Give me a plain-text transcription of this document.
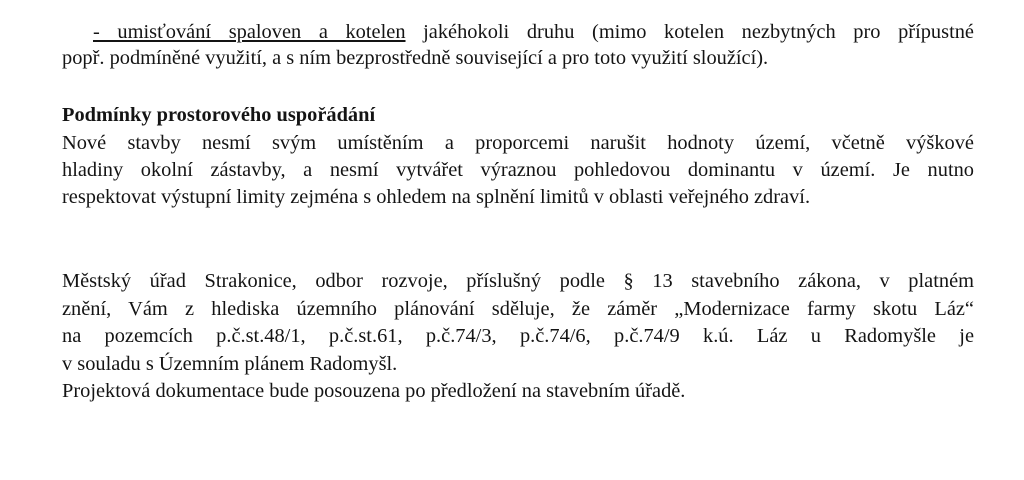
- umisťování spaloven a kotelen jakéhokoli druhu (mimo kotelen nezbytných pro přípustné

popř. podmíněné využití, a s ním bezprostředně související a pro toto využití sloužící).

Podmínky prostorového uspořádání

Nové stavby nesmí svým umístěním a proporcemi narušit hodnoty území, včetně výškové

hladiny okolní zástavby, a nesmí vytvářet výraznou pohledovou dominantu v území. Je nutno

respektovat výstupní limity zejména s ohledem na splnění limitů v oblasti veřejného zdraví.

Městský úřad Strakonice, odbor rozvoje, příslušný podle § 13 stavebního zákona, v platném

znění, Vám z hlediska územního plánování sděluje, že záměr „Modernizace farmy skotu Láz“

na pozemcích p.č.st.48/1, p.č.st.61, p.č.74/3, p.č.74/6, p.č.74/9 k.ú. Láz u Radomyšle je

v souladu s Územním plánem Radomyšl.

Projektová dokumentace bude posouzena po předložení na stavebním úřadě.
